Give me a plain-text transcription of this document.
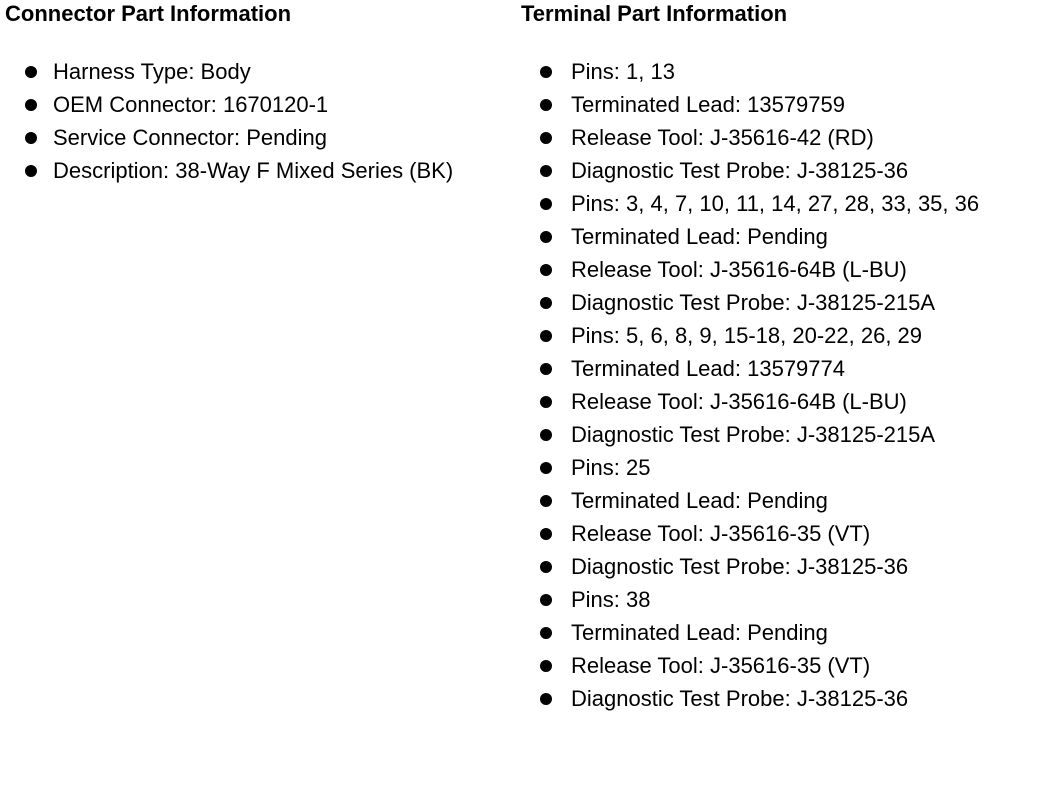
Connector Part Information
Harness Type: Body
OEM Connector: 1670120-1
Service Connector: Pending
Description: 38-Way F Mixed Series (BK)
Terminal Part Information
Pins: 1, 13
Terminated Lead: 13579759
Release Tool: J-35616-42 (RD)
Diagnostic Test Probe: J-38125-36
Pins: 3, 4, 7, 10, 11, 14, 27, 28, 33, 35, 36
Terminated Lead: Pending
Release Tool: J-35616-64B (L-BU)
Diagnostic Test Probe: J-38125-215A
Pins: 5, 6, 8, 9, 15-18, 20-22, 26, 29
Terminated Lead: 13579774
Release Tool: J-35616-64B (L-BU)
Diagnostic Test Probe: J-38125-215A
Pins: 25
Terminated Lead: Pending
Release Tool: J-35616-35 (VT)
Diagnostic Test Probe: J-38125-36
Pins: 38
Terminated Lead: Pending
Release Tool: J-35616-35 (VT)
Diagnostic Test Probe: J-38125-36
